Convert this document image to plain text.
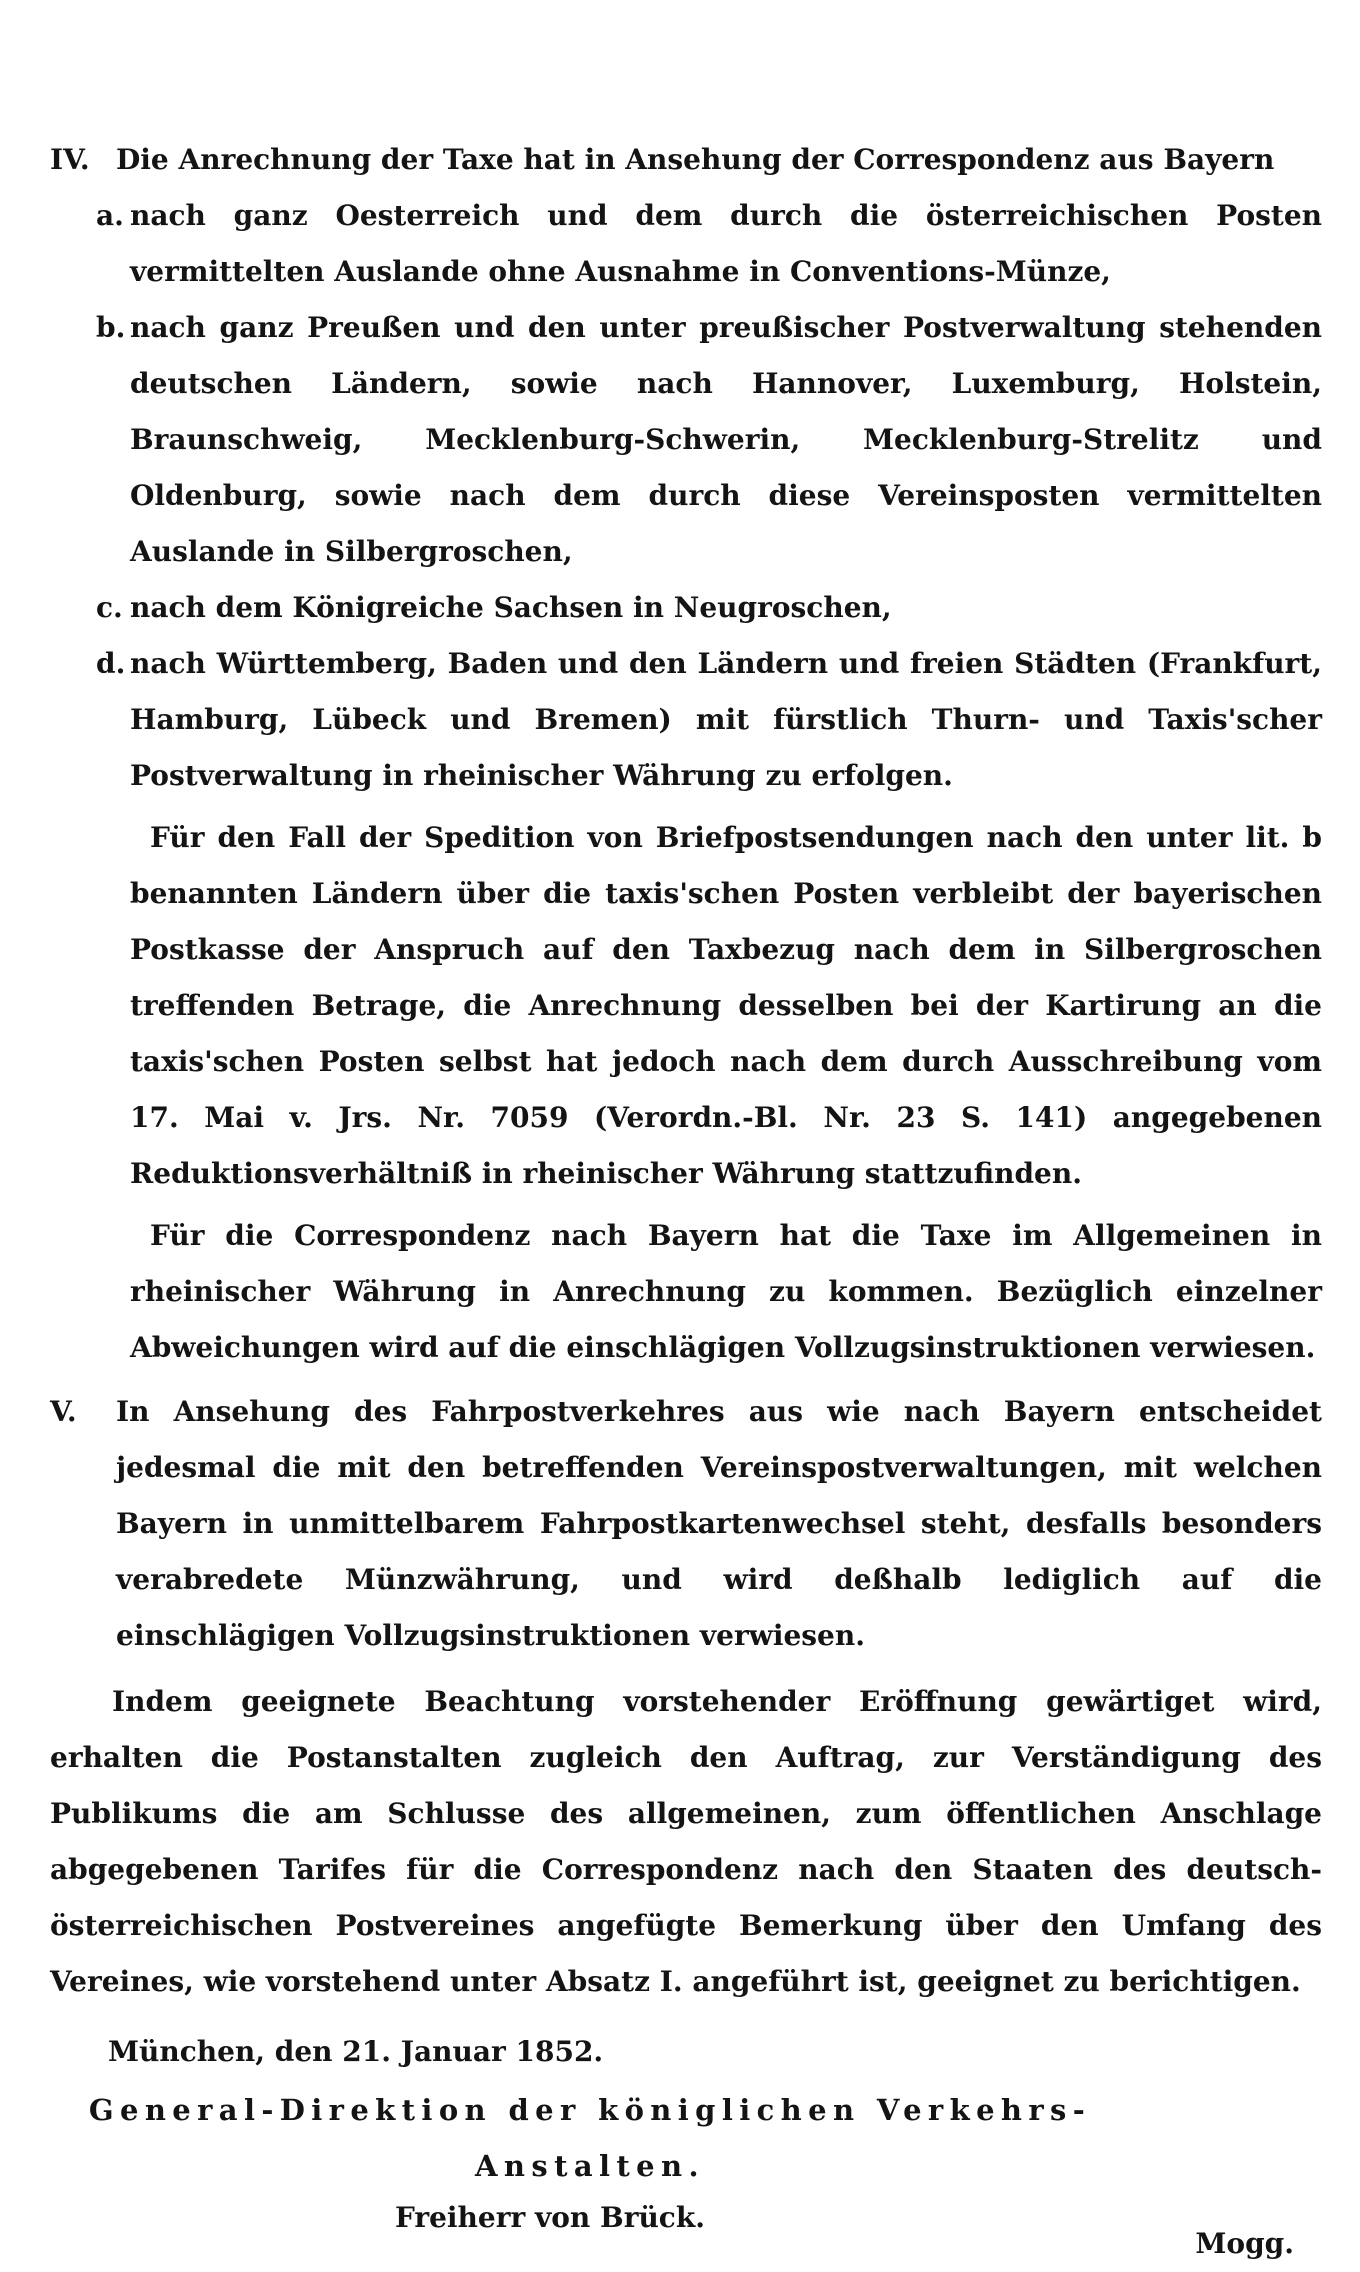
IV. Die Anrechnung der Taxe hat in Ansehung der Correspondenz aus Bayern
a. nach ganz Oesterreich und dem durch die österreichischen Posten vermittelten Auslande ohne Ausnahme in Conventions-Münze,
b. nach ganz Preußen und den unter preußischer Postverwaltung stehenden deutschen Ländern, sowie nach Hannover, Luxemburg, Holstein, Braunschweig, Mecklenburg-Schwerin, Mecklenburg-Strelitz und Oldenburg, sowie nach dem durch diese Vereinsposten vermittelten Auslande in Silbergroschen,
c. nach dem Königreiche Sachsen in Neugroschen,
d. nach Württemberg, Baden und den Ländern und freien Städten (Frankfurt, Hamburg, Lübeck und Bremen) mit fürstlich Thurn- und Taxis'scher Postverwaltung in rheinischer Währung zu erfolgen.

Für den Fall der Spedition von Briefpostsendungen nach den unter lit. b benannten Ländern über die taxis'schen Posten verbleibt der bayerischen Postkasse der Anspruch auf den Taxbezug nach dem in Silbergroschen treffenden Betrage, die Anrechnung desselben bei der Kartirung an die taxis'schen Posten selbst hat jedoch nach dem durch Ausschreibung vom 17. Mai v. Jrs. Nr. 7059 (Verordn.-Bl. Nr. 23 S. 141) angegebenen Reduktionsverhältniß in rheinischer Währung stattzufinden.

Für die Correspondenz nach Bayern hat die Taxe im Allgemeinen in rheinischer Währung in Anrechnung zu kommen. Bezüglich einzelner Abweichungen wird auf die einschlägigen Vollzugsinstruktionen verwiesen.

V. In Ansehung des Fahrpostverkehres aus wie nach Bayern entscheidet jedesmal die mit den betreffenden Vereinspostverwaltungen, mit welchen Bayern in unmittelbarem Fahrpostkartenwechsel steht, desfalls besonders verabredete Münzwährung, und wird deßhalb lediglich auf die einschlägigen Vollzugsinstruktionen verwiesen.

Indem geeignete Beachtung vorstehender Eröffnung gewärtiget wird, erhalten die Postanstalten zugleich den Auftrag, zur Verständigung des Publikums die am Schlusse des allgemeinen, zum öffentlichen Anschlage abgegebenen Tarifes für die Correspondenz nach den Staaten des deutsch-österreichischen Postvereines angefügte Bemerkung über den Umfang des Vereines, wie vorstehend unter Absatz I. angeführt ist, geeignet zu berichtigen.

München, den 21. Januar 1852.

General-Direktion der königlichen Verkehrs-Anstalten.

Freiherr von Brück.
Mogg.
